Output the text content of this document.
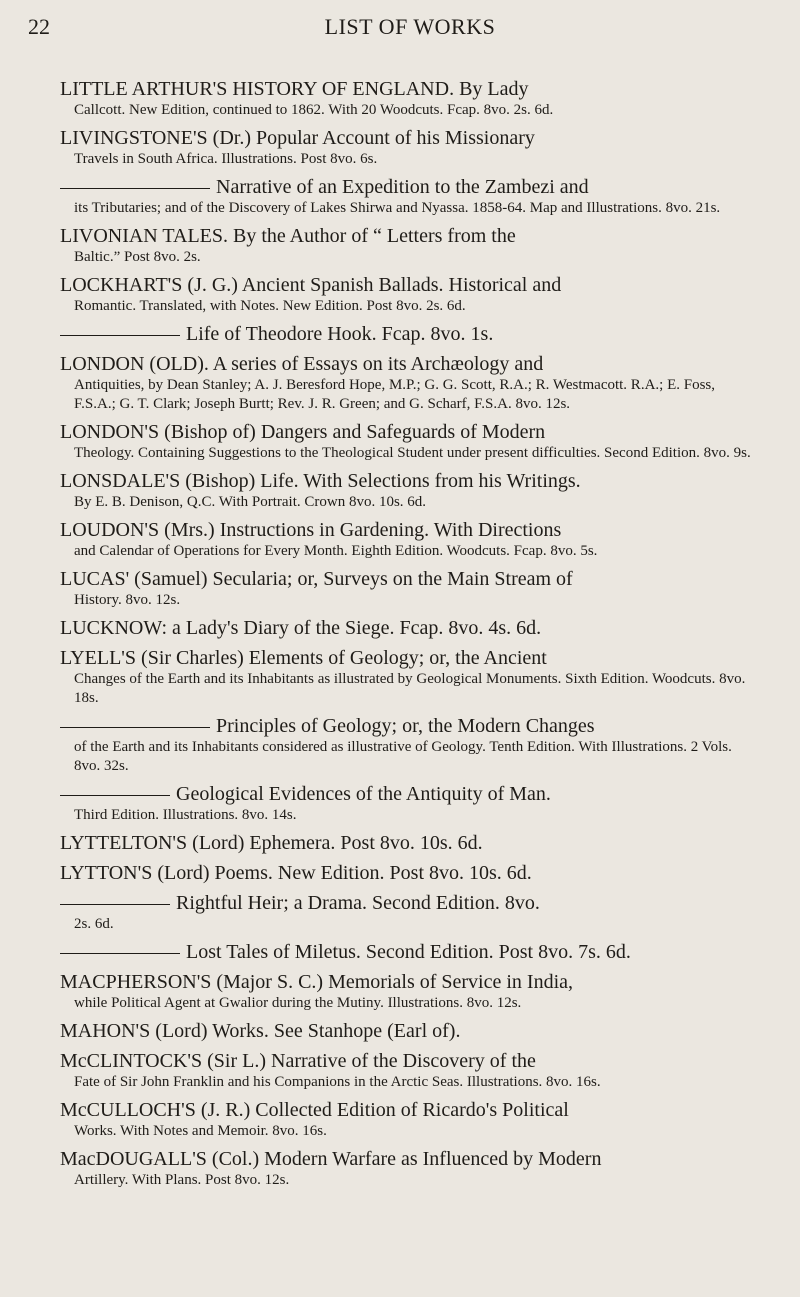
22	LIST OF WORKS

LITTLE ARTHUR'S HISTORY OF ENGLAND. By Lady

Callcott. New Edition, continued to 1862. With 20 Woodcuts. Fcap. 8vo. 2s. 6d.

LIVINGSTONE'S (Dr.) Popular Account of his Missionary

Travels in South Africa. Illustrations. Post 8vo. 6s.

Narrative of an Expedition to the Zambezi and

its Tributaries; and of the Discovery of Lakes Shirwa and Nyassa. 1858-64. Map and Illustrations. 8vo. 21s.

LIVONIAN TALES. By the Author of “ Letters from the

Baltic.” Post 8vo. 2s.

LOCKHART'S (J. G.) Ancient Spanish Ballads. Historical and

Romantic. Translated, with Notes. New Edition. Post 8vo. 2s. 6d.

Life of Theodore Hook. Fcap. 8vo. 1s.

LONDON (OLD). A series of Essays on its Archæology and

Antiquities, by Dean Stanley; A. J. Beresford Hope, M.P.; G. G. Scott, R.A.; R. Westmacott. R.A.; E. Foss, F.S.A.; G. T. Clark; Joseph Burtt; Rev. J. R. Green; and G. Scharf, F.S.A. 8vo. 12s.

LONDON'S (Bishop of) Dangers and Safeguards of Modern

Theology. Containing Suggestions to the Theological Student under present difficulties. Second Edition. 8vo. 9s.

LONSDALE'S (Bishop) Life. With Selections from his Writings.

By E. B. Denison, Q.C. With Portrait. Crown 8vo. 10s. 6d.

LOUDON'S (Mrs.) Instructions in Gardening. With Directions

and Calendar of Operations for Every Month. Eighth Edition. Woodcuts. Fcap. 8vo. 5s.

LUCAS' (Samuel) Secularia; or, Surveys on the Main Stream of

History. 8vo. 12s.

LUCKNOW: a Lady's Diary of the Siege. Fcap. 8vo. 4s. 6d.

LYELL'S (Sir Charles) Elements of Geology; or, the Ancient

Changes of the Earth and its Inhabitants as illustrated by Geological Monuments. Sixth Edition. Woodcuts. 8vo. 18s.

Principles of Geology; or, the Modern Changes

of the Earth and its Inhabitants considered as illustrative of Geology. Tenth Edition. With Illustrations. 2 Vols. 8vo. 32s.

Geological Evidences of the Antiquity of Man.

Third Edition. Illustrations. 8vo. 14s.

LYTTELTON'S (Lord) Ephemera. Post 8vo. 10s. 6d.

LYTTON'S (Lord) Poems. New Edition. Post 8vo. 10s. 6d.

Rightful Heir; a Drama. Second Edition. 8vo.

2s. 6d.

Lost Tales of Miletus. Second Edition. Post 8vo. 7s. 6d.

MACPHERSON'S (Major S. C.) Memorials of Service in India,

while Political Agent at Gwalior during the Mutiny. Illustrations. 8vo. 12s.

MAHON'S (Lord) Works. See Stanhope (Earl of).

McCLINTOCK'S (Sir L.) Narrative of the Discovery of the

Fate of Sir John Franklin and his Companions in the Arctic Seas. Illustrations. 8vo. 16s.

McCULLOCH'S (J. R.) Collected Edition of Ricardo's Political

Works. With Notes and Memoir. 8vo. 16s.

MacDOUGALL'S (Col.) Modern Warfare as Influenced by Modern

Artillery. With Plans. Post 8vo. 12s.
